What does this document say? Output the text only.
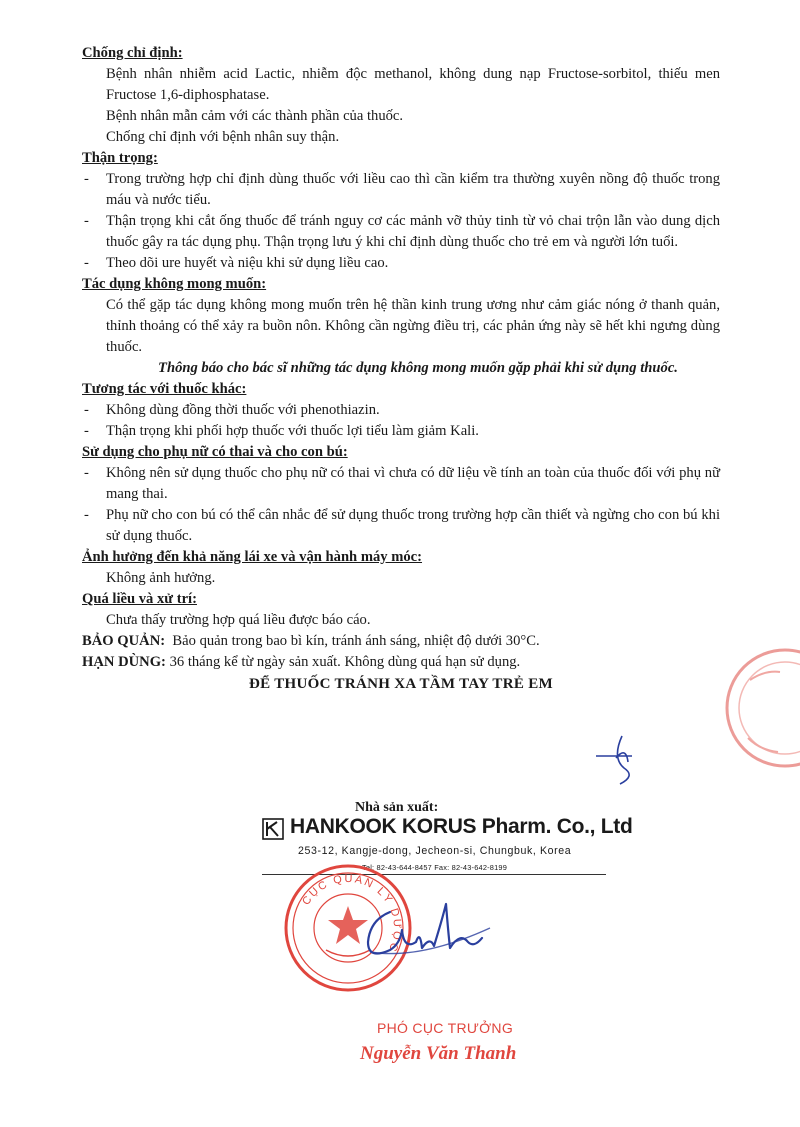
Chống chỉ định:

Bệnh nhân nhiễm acid Lactic, nhiễm độc methanol, không dung nạp Fructose-sorbitol, thiếu men Fructose 1,6-diphosphatase.

Bệnh nhân mẫn cảm với các thành phần của thuốc.

Chống chỉ định với bệnh nhân suy thận.

Thận trọng:

- Trong trường hợp chỉ định dùng thuốc với liều cao thì cần kiểm tra thường xuyên nồng độ thuốc trong máu và nước tiểu.

- Thận trọng khi cắt ống thuốc để tránh nguy cơ các mảnh vỡ thủy tinh từ vỏ chai trộn lẫn vào dung dịch thuốc gây ra tác dụng phụ. Thận trọng lưu ý khi chỉ định dùng thuốc cho trẻ em và người lớn tuổi.

- Theo dõi ure huyết và niệu khi sử dụng liều cao.

Tác dụng không mong muốn:

Có thể gặp tác dụng không mong muốn trên hệ thần kinh trung ương như cảm giác nóng ở thanh quản, thỉnh thoảng có thể xảy ra buồn nôn. Không cần ngừng điều trị, các phản ứng này sẽ hết khi ngưng dùng thuốc.

Thông báo cho bác sĩ những tác dụng không mong muốn gặp phải khi sử dụng thuốc.

Tương tác với thuốc khác:

- Không dùng đồng thời thuốc với phenothiazin.

- Thận trọng khi phối hợp thuốc với thuốc lợi tiểu làm giảm Kali.

Sử dụng cho phụ nữ có thai và cho con bú:

- Không nên sử dụng thuốc cho phụ nữ có thai vì chưa có dữ liệu về tính an toàn của thuốc đối với phụ nữ mang thai.

- Phụ nữ cho con bú có thể cân nhắc để sử dụng thuốc trong trường hợp cần thiết và ngừng cho con bú khi sử dụng thuốc.

Ảnh hưởng đến khả năng lái xe và vận hành máy móc:

Không ảnh hưởng.

Quá liều và xử trí:

Chưa thấy trường hợp quá liều được báo cáo.

BẢO QUẢN: Bảo quản trong bao bì kín, tránh ánh sáng, nhiệt độ dưới 30°C.

HẠN DÙNG: 36 tháng kể từ ngày sản xuất. Không dùng quá hạn sử dụng.

ĐỂ THUỐC TRÁNH XA TẦM TAY TRẺ EM

Nhà sản xuất:
HANKOOK KORUS Pharm. Co., Ltd
253-12, Kangje-dong, Jecheon-si, Chungbuk, Korea
Tel: 82-43-644-8457 Fax: 82-43-642-8199
CỤC QUẢN LÝ DƯỢC
PHÓ CỤC TRƯỞNG
Nguyễn Văn Thanh
